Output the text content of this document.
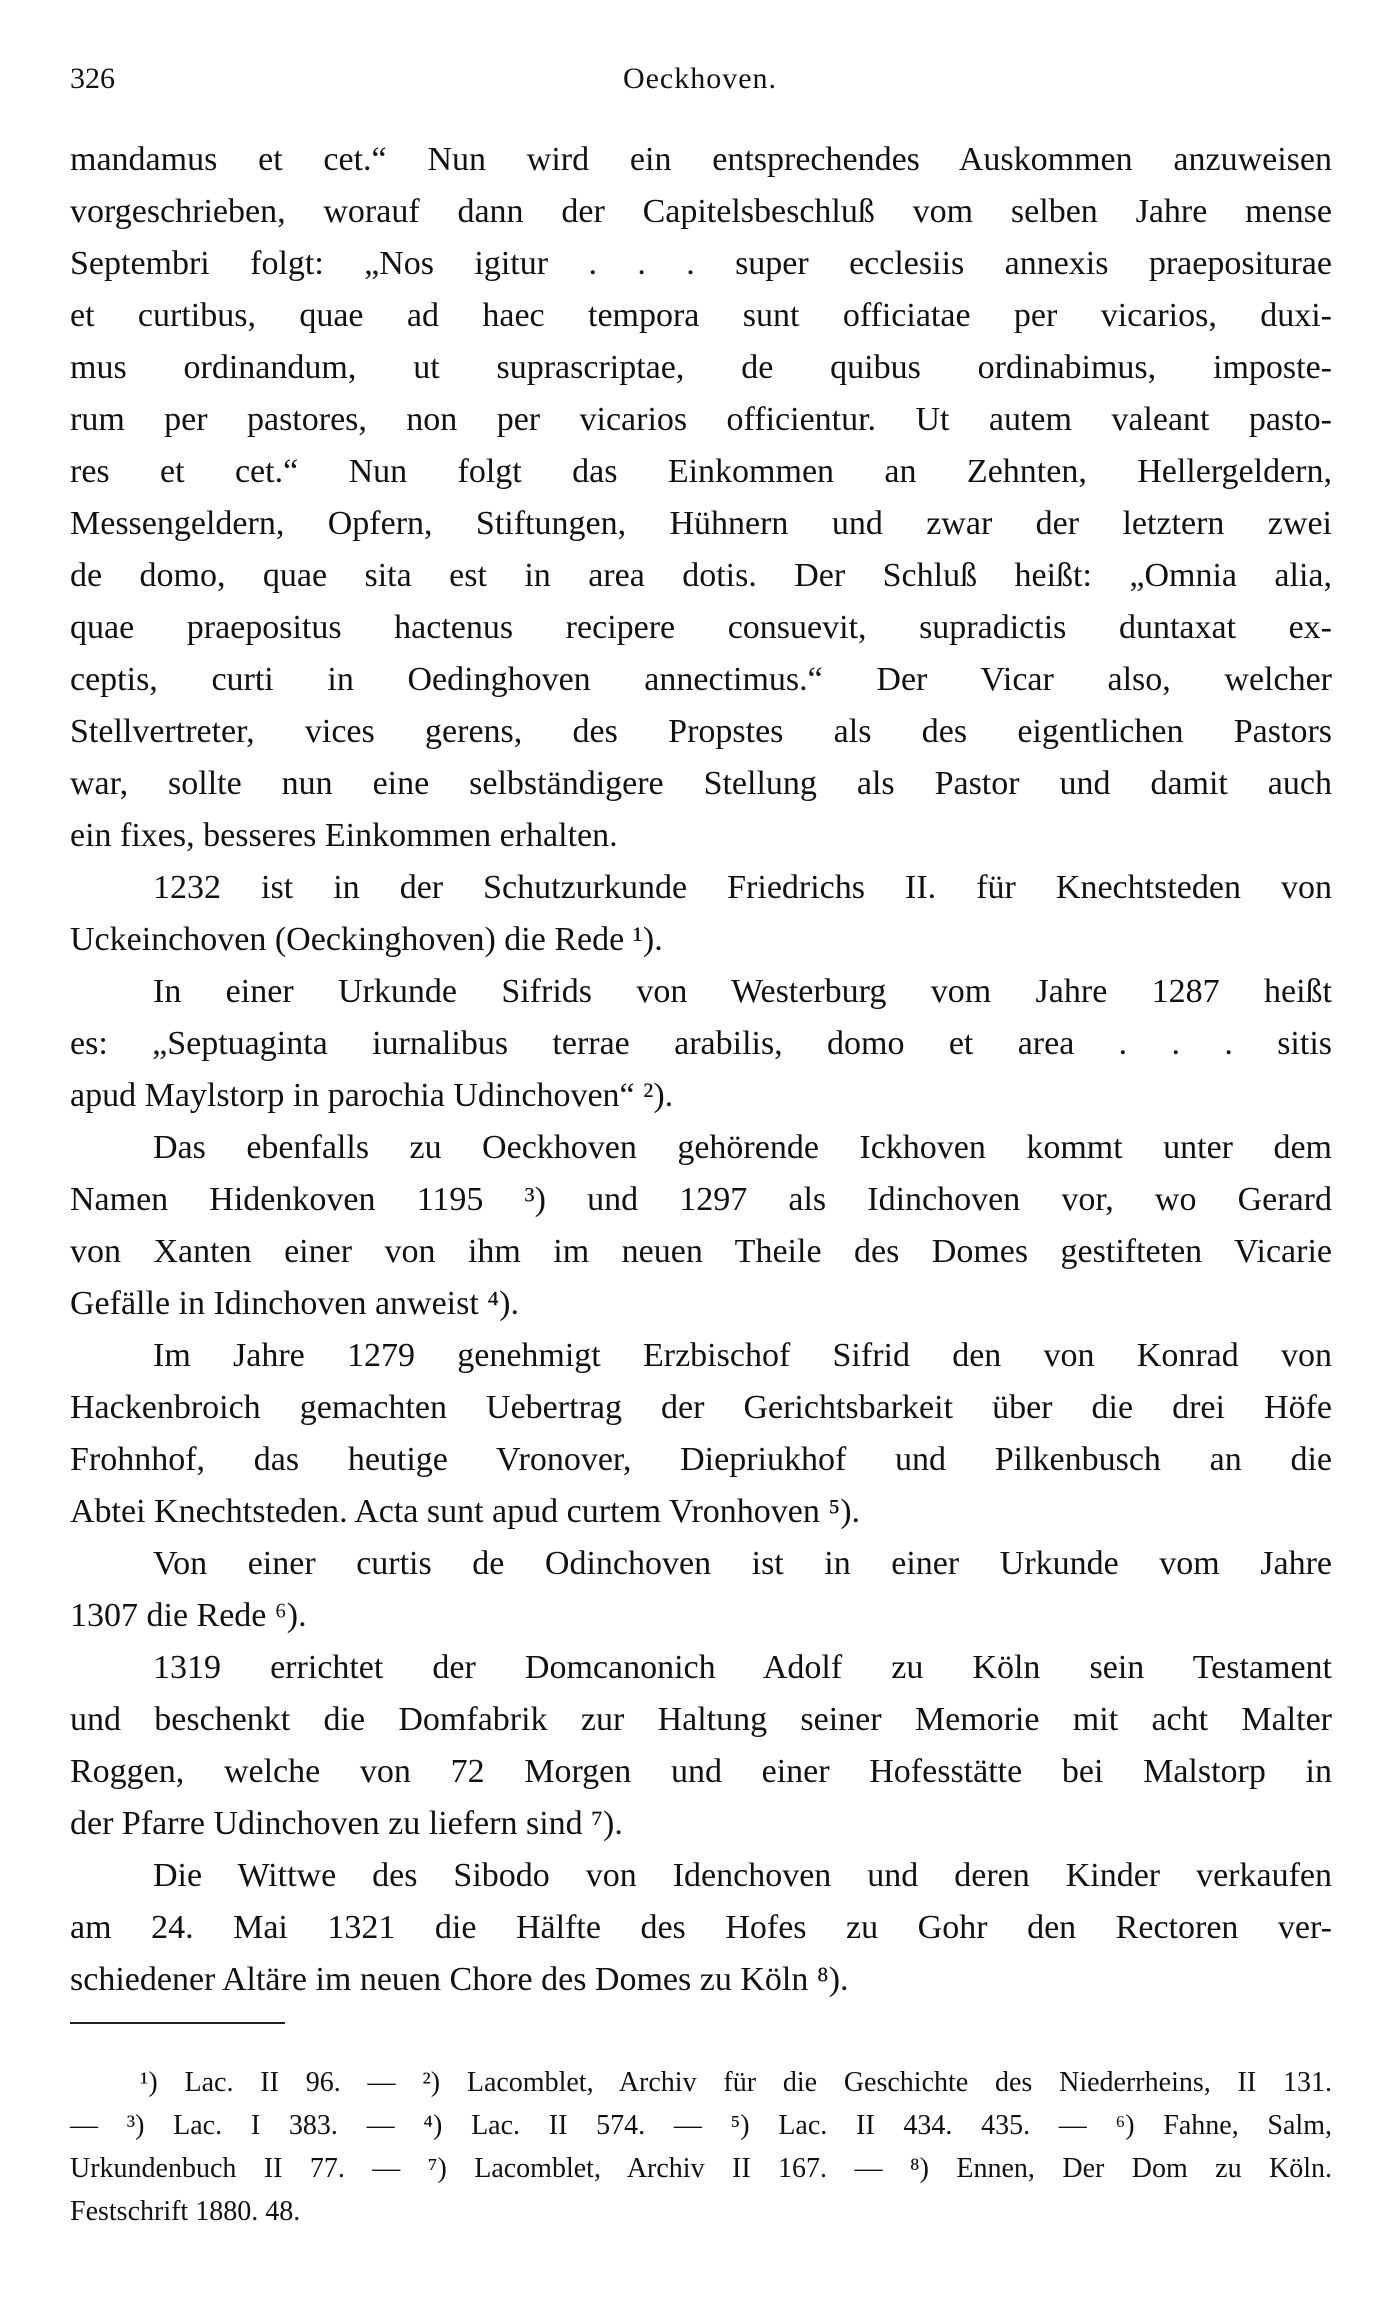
326	Oeckhoven.
mandamus et cet.“ Nun wird ein entsprechendes Auskommen anzuweisen
vorgeschrieben, worauf dann der Capitelsbeschluß vom selben Jahre mense
Septembri folgt: „Nos igitur . . . super ecclesiis annexis praepositurae
et curtibus, quae ad haec tempora sunt officiatae per vicarios, duxi-
mus ordinandum, ut suprascriptae, de quibus ordinabimus, imposte-
rum per pastores, non per vicarios officientur. Ut autem valeant pasto-
res et cet.“ Nun folgt das Einkommen an Zehnten, Hellergeldern,
Messengeldern, Opfern, Stiftungen, Hühnern und zwar der letztern zwei
de domo, quae sita est in area dotis. Der Schluß heißt: „Omnia alia,
quae praepositus hactenus recipere consuevit, supradictis duntaxat ex-
ceptis, curti in Oedinghoven annectimus.“ Der Vicar also, welcher
Stellvertreter, vices gerens, des Propstes als des eigentlichen Pastors
war, sollte nun eine selbständigere Stellung als Pastor und damit auch
ein fixes, besseres Einkommen erhalten.
1232 ist in der Schutzurkunde Friedrichs II. für Knechtsteden von
Uckeinchoven (Oeckinghoven) die Rede ¹).
In einer Urkunde Sifrids von Westerburg vom Jahre 1287 heißt
es: „Septuaginta iurnalibus terrae arabilis, domo et area . . . sitis
apud Maylstorp in parochia Udinchoven“ ²).
Das ebenfalls zu Oeckhoven gehörende Ickhoven kommt unter dem
Namen Hidenkoven 1195 ³) und 1297 als Idinchoven vor, wo Gerard
von Xanten einer von ihm im neuen Theile des Domes gestifteten Vicarie
Gefälle in Idinchoven anweist ⁴).
Im Jahre 1279 genehmigt Erzbischof Sifrid den von Konrad von
Hackenbroich gemachten Uebertrag der Gerichtsbarkeit über die drei Höfe
Frohnhof, das heutige Vronover, Diepriukhof und Pilkenbusch an die
Abtei Knechtsteden. Acta sunt apud curtem Vronhoven ⁵).
Von einer curtis de Odinchoven ist in einer Urkunde vom Jahre
1307 die Rede ⁶).
1319 errichtet der Domcanonich Adolf zu Köln sein Testament
und beschenkt die Domfabrik zur Haltung seiner Memorie mit acht Malter
Roggen, welche von 72 Morgen und einer Hofesstätte bei Malstorp in
der Pfarre Udinchoven zu liefern sind ⁷).
Die Wittwe des Sibodo von Idenchoven und deren Kinder verkaufen
am 24. Mai 1321 die Hälfte des Hofes zu Gohr den Rectoren ver-
schiedener Altäre im neuen Chore des Domes zu Köln ⁸).
¹) Lac. II 96. — ²) Lacomblet, Archiv für die Geschichte des Niederrheins, II 131.
— ³) Lac. I 383. — ⁴) Lac. II 574. — ⁵) Lac. II 434. 435. — ⁶) Fahne, Salm,
Urkundenbuch II 77. — ⁷) Lacomblet, Archiv II 167. — ⁸) Ennen, Der Dom zu Köln.
Festschrift 1880. 48.
